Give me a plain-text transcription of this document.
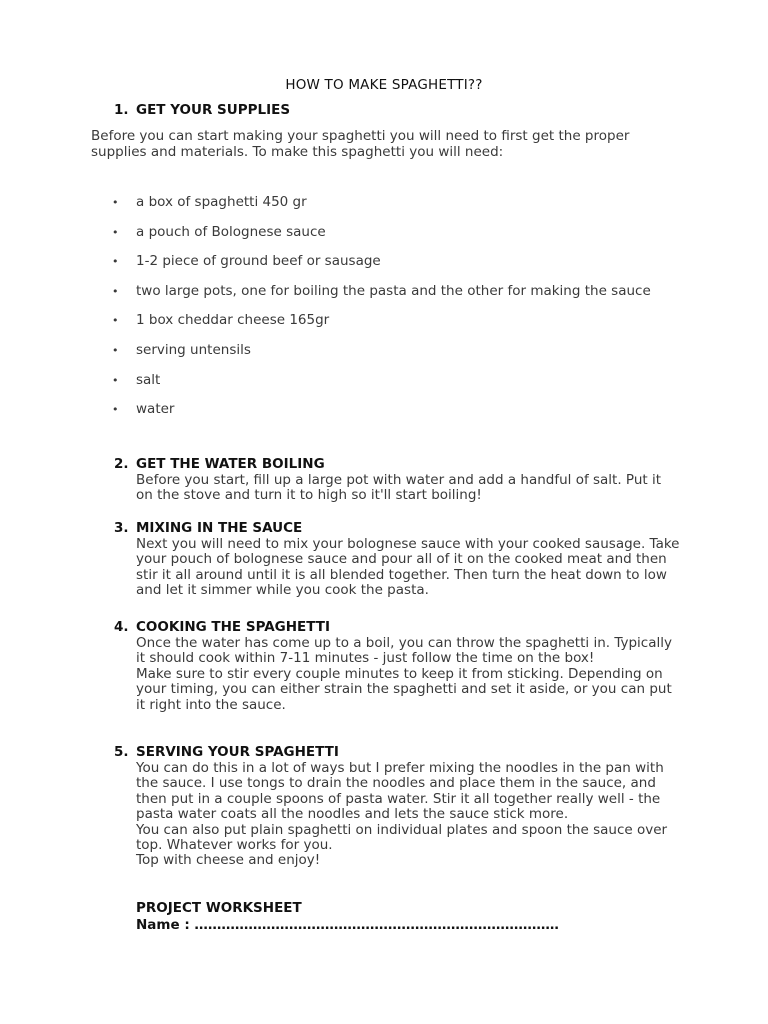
HOW TO MAKE SPAGHETTI??
1. GET YOUR SUPPLIES
Before you can start making your spaghetti you will need to first get the proper supplies and materials. To make this spaghetti you will need:
• a box of spaghetti 450 gr
• a pouch of Bolognese sauce
• 1-2 piece of ground beef or sausage
• two large pots, one for boiling the pasta and the other for making the sauce
• 1 box cheddar cheese 165gr
• serving untensils
• salt
• water
2. GET THE WATER BOILING

Before you start, fill up a large pot with water and add a handful of salt. Put it on the stove and turn it to high so it'll start boiling!

3. MIXING IN THE SAUCE

Next you will need to mix your bolognese sauce with your cooked sausage. Take your pouch of bolognese sauce and pour all of it on the cooked meat and then stir it all around until it is all blended together. Then turn the heat down to low and let it simmer while you cook the pasta.

4. COOKING THE SPAGHETTI

Once the water has come up to a boil, you can throw the spaghetti in. Typically it should cook within 7-11 minutes - just follow the time on the box!

Make sure to stir every couple minutes to keep it from sticking. Depending on your timing, you can either strain the spaghetti and set it aside, or you can put it right into the sauce.

5. SERVING YOUR SPAGHETTI

You can do this in a lot of ways but I prefer mixing the noodles in the pan with the sauce. I use tongs to drain the noodles and place them in the sauce, and then put in a couple spoons of pasta water. Stir it all together really well - the pasta water coats all the noodles and lets the sauce stick more.

You can also put plain spaghetti on individual plates and spoon the sauce over top. Whatever works for you.

Top with cheese and enjoy!

PROJECT WORKSHEET
Name : ………………………………………………………………………
